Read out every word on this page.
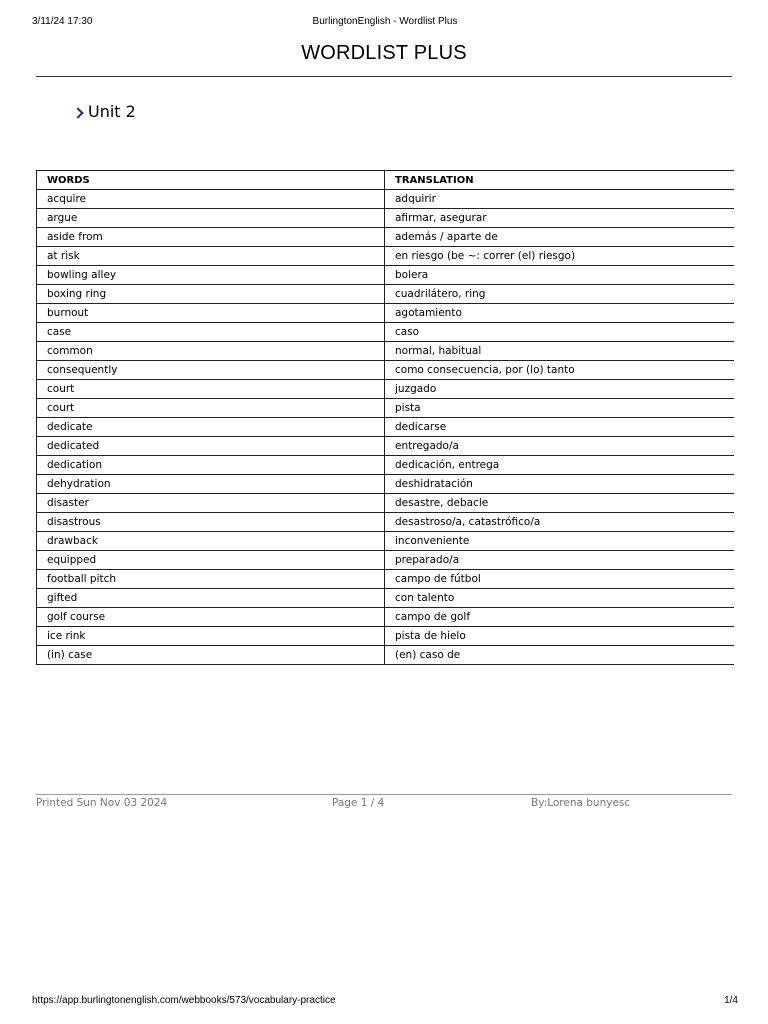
3/11/24 17:30	BurlingtonEnglish - Wordlist Plus
WORDLIST PLUS
Unit 2
WORDS	TRANSLATION
acquire	adquirir
argue	afirmar, asegurar
aside from	además / aparte de
at risk	en riesgo (be ~: correr (el) riesgo)
bowling alley	bolera
boxing ring	cuadrilátero, ring
burnout	agotamiento
case	caso
common	normal, habitual
consequently	como consecuencia, por (lo) tanto
court	juzgado
court	pista
dedicate	dedicarse
dedicated	entregado/a
dedication	dedicación, entrega
dehydration	deshidratación
disaster	desastre, debacle
disastrous	desastroso/a, catastrófico/a
drawback	inconveniente
equipped	preparado/a
football pitch	campo de fútbol
gifted	con talento
golf course	campo de golf
ice rink	pista de hielo
(in) case	(en) caso de
Printed Sun Nov 03 2024	Page 1 / 4	By:Lorena bunyesc
https://app.burlingtonenglish.com/webbooks/573/vocabulary-practice	1/4
